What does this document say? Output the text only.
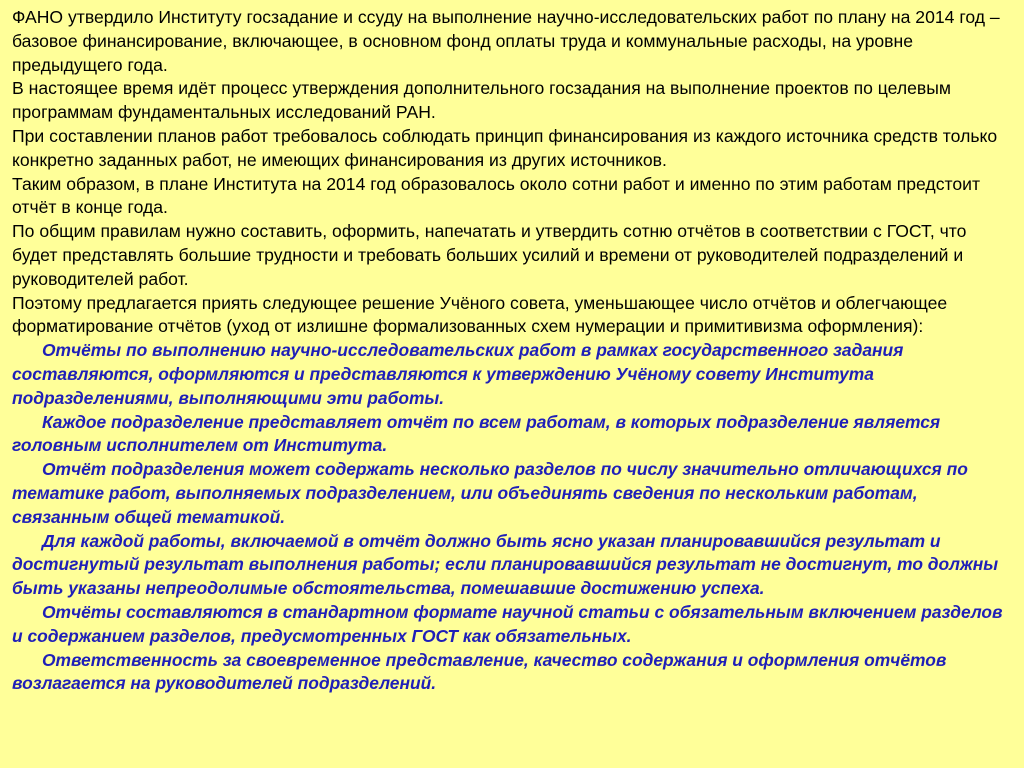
ФАНО утвердило Институту госзадание и ссуду на выполнение научно-исследовательских работ по плану на 2014 год – базовое финансирование, включающее, в основном фонд оплаты труда и коммунальные расходы, на уровне предыдущего года.

В настоящее время идёт процесс утверждения дополнительного госзадания на выполнение проектов по целевым программам фундаментальных исследований РАН.

При составлении планов работ требовалось соблюдать принцип финансирования из каждого источника средств только конкретно заданных работ, не имеющих финансирования из других источников.

Таким образом, в плане Института на 2014 год образовалось около сотни работ и именно по этим работам предстоит отчёт в конце года.

По общим правилам нужно составить, оформить, напечатать и утвердить сотню отчётов в соответствии с ГОСТ, что будет представлять большие трудности и требовать больших усилий и времени от руководителей подразделений и руководителей работ.

Поэтому предлагается приять следующее решение Учёного совета, уменьшающее число отчётов и облегчающее форматирование отчётов (уход от излишне формализованных схем нумерации и примитивизма оформления):

Отчёты по выполнению научно-исследовательских работ в рамках государственного задания составляются, оформляются и представляются к утверждению Учёному совету Института подразделениями, выполняющими эти работы.

Каждое подразделение представляет отчёт по всем работам, в которых подразделение является головным исполнителем от Института.

Отчёт подразделения может содержать несколько разделов по числу значительно отличающихся по тематике работ, выполняемых подразделением, или объединять сведения по нескольким работам, связанным общей тематикой.

Для каждой работы, включаемой в отчёт должно быть ясно указан планировавшийся результат и достигнутый результат выполнения работы; если планировавшийся результат не достигнут, то должны быть указаны непреодолимые обстоятельства, помешавшие достижению успеха.

Отчёты составляются в стандартном формате научной статьи с обязательным включением разделов и содержанием разделов, предусмотренных ГОСТ как обязательных.

Ответственность за своевременное представление, качество содержания и оформления отчётов возлагается на руководителей подразделений.
